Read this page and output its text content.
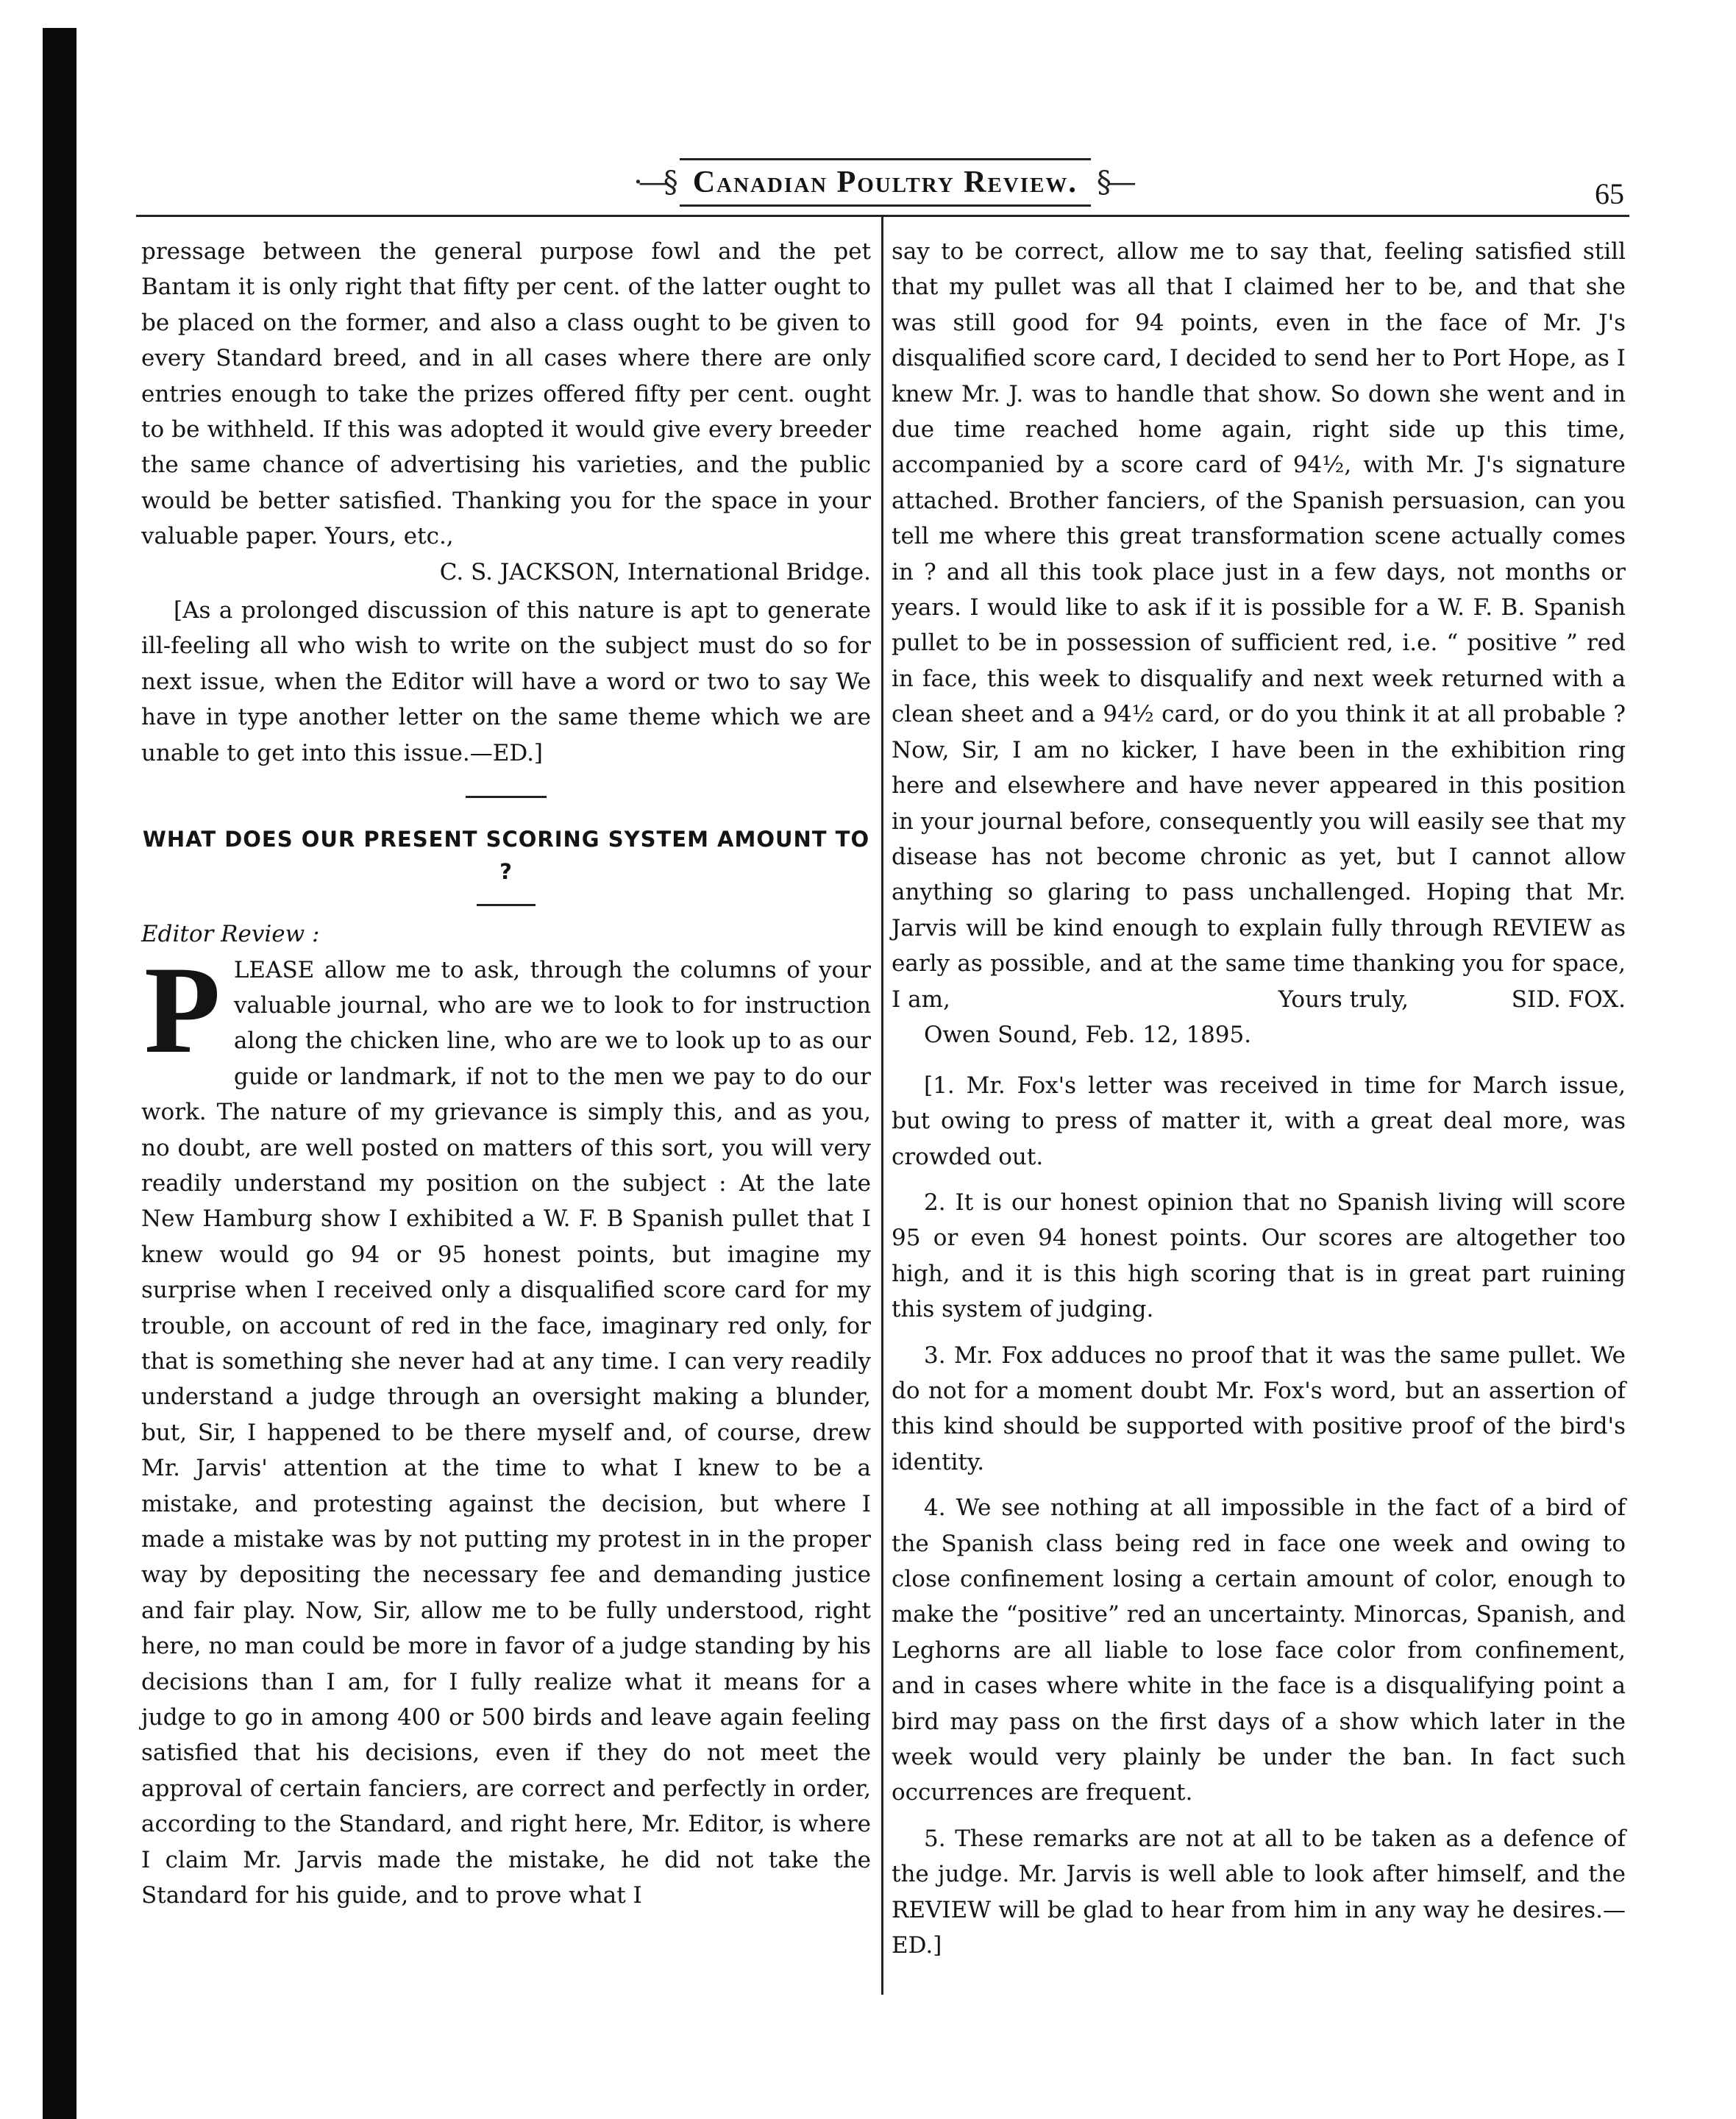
·—§ Canadian Poultry Review. §—	65

pressage between the general purpose fowl and the pet Bantam it is only right that fifty per cent. of the latter ought to be placed on the former, and also a class ought to be given to every Standard breed, and in all cases where there are only entries enough to take the prizes offered fifty per cent. ought to be withheld. If this was adopted it would give every breeder the same chance of advertising his varieties, and the public would be better satisfied. Thanking you for the space in your valuable paper. Yours, etc.,

C. S. JACKSON, International Bridge.

[As a prolonged discussion of this nature is apt to generate ill-feeling all who wish to write on the subject must do so for next issue, when the Editor will have a word or two to say We have in type another letter on the same theme which we are unable to get into this issue.—ED.]

WHAT DOES OUR PRESENT SCORING SYSTEM AMOUNT TO ?

Editor Review :

P LEASE allow me to ask, through the columns of your valuable journal, who are we to look to for instruction along the chicken line, who are we to look up to as our guide or landmark, if not to the men we pay to do our work. The nature of my grievance is simply this, and as you, no doubt, are well posted on matters of this sort, you will very readily understand my position on the subject : At the late New Hamburg show I exhibited a W. F. B Spanish pullet that I knew would go 94 or 95 honest points, but imagine my surprise when I received only a disqualified score card for my trouble, on account of red in the face, imaginary red only, for that is something she never had at any time. I can very readily understand a judge through an oversight making a blunder, but, Sir, I happened to be there myself and, of course, drew Mr. Jarvis' attention at the time to what I knew to be a mistake, and protesting against the decision, but where I made a mistake was by not putting my protest in in the proper way by depositing the necessary fee and demanding justice and fair play. Now, Sir, allow me to be fully understood, right here, no man could be more in favor of a judge standing by his decisions than I am, for I fully realize what it means for a judge to go in among 400 or 500 birds and leave again feeling satisfied that his decisions, even if they do not meet the approval of certain fanciers, are correct and perfectly in order, according to the Standard, and right here, Mr. Editor, is where I claim Mr. Jarvis made the mistake, he did not take the Standard for his guide, and to prove what I

say to be correct, allow me to say that, feeling satisfied still that my pullet was all that I claimed her to be, and that she was still good for 94 points, even in the face of Mr. J's disqualified score card, I decided to send her to Port Hope, as I knew Mr. J. was to handle that show. So down she went and in due time reached home again, right side up this time, accompanied by a score card of 94½, with Mr. J's signature attached. Brother fanciers, of the Spanish persuasion, can you tell me where this great transformation scene actually comes in ? and all this took place just in a few days, not months or years. I would like to ask if it is possible for a W. F. B. Spanish pullet to be in possession of sufficient red, i.e. “ positive ” red in face, this week to disqualify and next week returned with a clean sheet and a 94½ card, or do you think it at all probable ? Now, Sir, I am no kicker, I have been in the exhibition ring here and elsewhere and have never appeared in this position in your journal before, consequently you will easily see that my disease has not become chronic as yet, but I cannot allow anything so glaring to pass unchallenged. Hoping that Mr. Jarvis will be kind enough to explain fully through REVIEW as early as possible, and at the same time thanking you for space, I am,	Yours truly,	SID. FOX.

Owen Sound, Feb. 12, 1895.

[1. Mr. Fox's letter was received in time for March issue, but owing to press of matter it, with a great deal more, was crowded out.

2. It is our honest opinion that no Spanish living will score 95 or even 94 honest points. Our scores are altogether too high, and it is this high scoring that is in great part ruining this system of judging.

3. Mr. Fox adduces no proof that it was the same pullet. We do not for a moment doubt Mr. Fox's word, but an assertion of this kind should be supported with positive proof of the bird's identity.

4. We see nothing at all impossible in the fact of a bird of the Spanish class being red in face one week and owing to close confinement losing a certain amount of color, enough to make the “positive” red an uncertainty. Minorcas, Spanish, and Leghorns are all liable to lose face color from confinement, and in cases where white in the face is a disqualifying point a bird may pass on the first days of a show which later in the week would very plainly be under the ban. In fact such occurrences are frequent.

5. These remarks are not at all to be taken as a defence of the judge. Mr. Jarvis is well able to look after himself, and the REVIEW will be glad to hear from him in any way he desires.—ED.]
